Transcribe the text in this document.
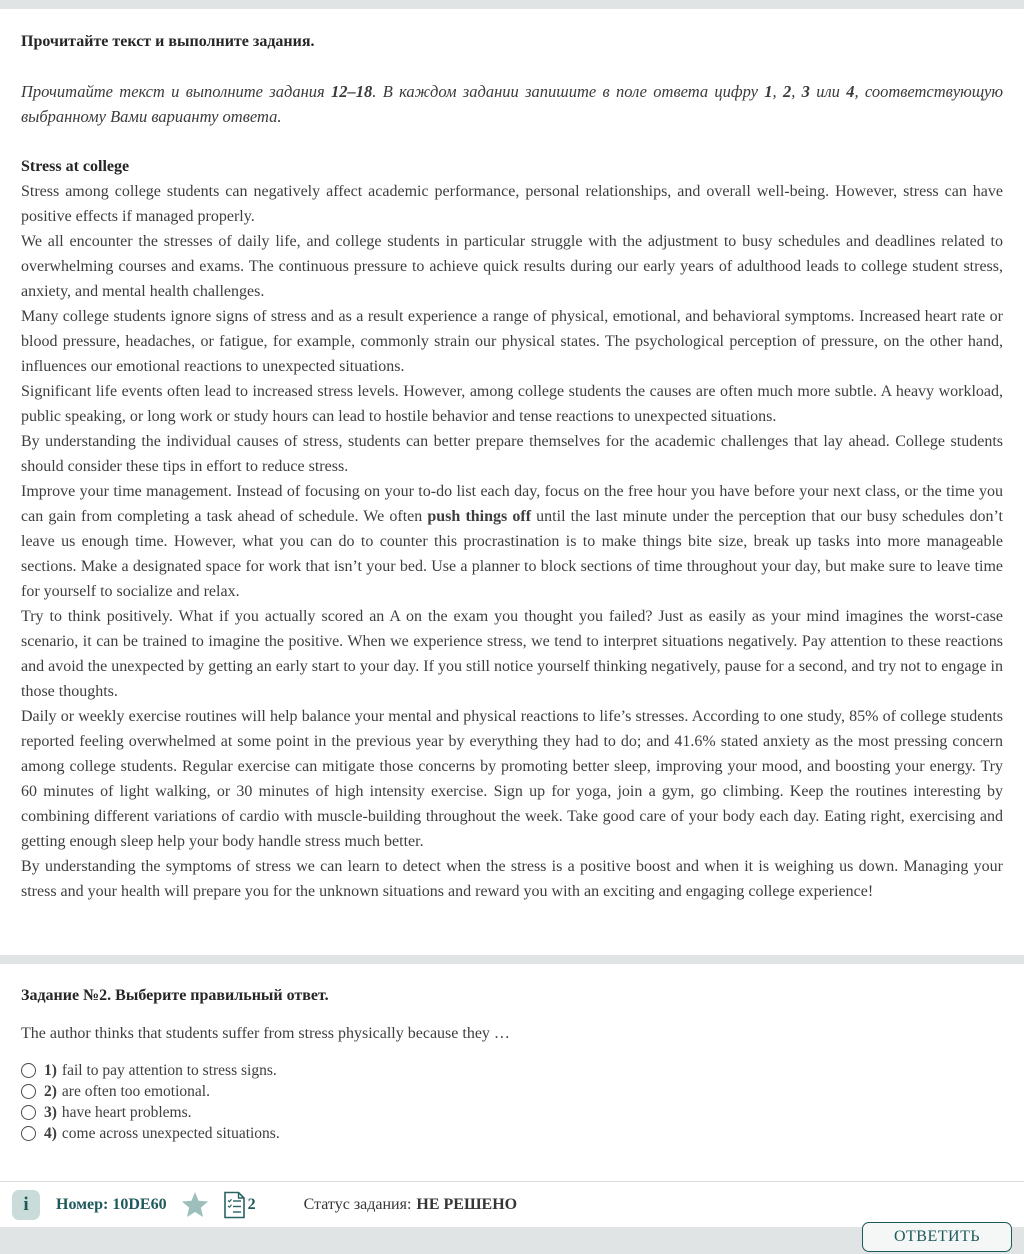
Прочитайте текст и выполните задания.
Прочитайте текст и выполните задания 12–18. В каждом задании запишите в поле ответа цифру 1, 2, 3 или 4, соответствующую выбранному Вами варианту ответа.
Stress at college

Stress among college students can negatively affect academic performance, personal relationships, and overall well-being. However, stress can have positive effects if managed properly.

We all encounter the stresses of daily life, and college students in particular struggle with the adjustment to busy schedules and deadlines related to overwhelming courses and exams. The continuous pressure to achieve quick results during our early years of adulthood leads to college student stress, anxiety, and mental health challenges.

Many college students ignore signs of stress and as a result experience a range of physical, emotional, and behavioral symptoms. Increased heart rate or blood pressure, headaches, or fatigue, for example, commonly strain our physical states. The psychological perception of pressure, on the other hand, influences our emotional reactions to unexpected situations.

Significant life events often lead to increased stress levels. However, among college students the causes are often much more subtle. A heavy workload, public speaking, or long work or study hours can lead to hostile behavior and tense reactions to unexpected situations.

By understanding the individual causes of stress, students can better prepare themselves for the academic challenges that lay ahead. College students should consider these tips in effort to reduce stress.

Improve your time management. Instead of focusing on your to-do list each day, focus on the free hour you have before your next class, or the time you can gain from completing a task ahead of schedule. We often push things off until the last minute under the perception that our busy schedules don’t leave us enough time. However, what you can do to counter this procrastination is to make things bite size, break up tasks into more manageable sections. Make a designated space for work that isn’t your bed. Use a planner to block sections of time throughout your day, but make sure to leave time for yourself to socialize and relax.

Try to think positively. What if you actually scored an A on the exam you thought you failed? Just as easily as your mind imagines the worst-case scenario, it can be trained to imagine the positive. When we experience stress, we tend to interpret situations negatively. Pay attention to these reactions and avoid the unexpected by getting an early start to your day. If you still notice yourself thinking negatively, pause for a second, and try not to engage in those thoughts.

Daily or weekly exercise routines will help balance your mental and physical reactions to life’s stresses. According to one study, 85% of college students reported feeling overwhelmed at some point in the previous year by everything they had to do; and 41.6% stated anxiety as the most pressing concern among college students. Regular exercise can mitigate those concerns by promoting better sleep, improving your mood, and boosting your energy. Try 60 minutes of light walking, or 30 minutes of high intensity exercise. Sign up for yoga, join a gym, go climbing. Keep the routines interesting by combining different variations of cardio with muscle-building throughout the week. Take good care of your body each day. Eating right, exercising and getting enough sleep help your body handle stress much better.

By understanding the symptoms of stress we can learn to detect when the stress is a positive boost and when it is weighing us down. Managing your stress and your health will prepare you for the unknown situations and reward you with an exciting and engaging college experience!

Задание №2. Выберите правильный ответ.
The author thinks that students suffer from stress physically because they …
1) fail to pay attention to stress signs.
2) are often too emotional.
3) have heart problems.
4) come across unexpected situations.
i	Номер: 10DE60	2	Статус задания: НЕ РЕШЕНО
ОТВЕТИТЬ
